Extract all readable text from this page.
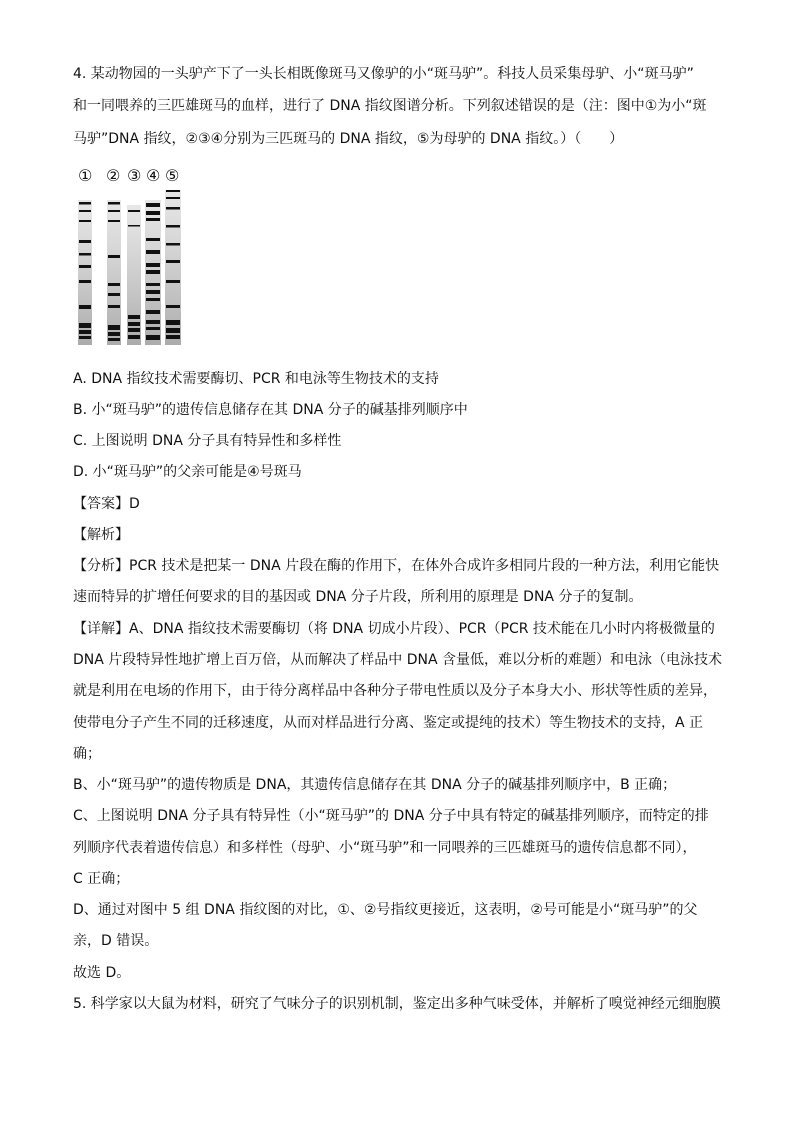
4. 某动物园的一头驴产下了一头长相既像斑马又像驴的小“斑马驴”。科技人员采集母驴、小“斑马驴”
和一同喂养的三匹雄斑马的血样，进行了 DNA 指纹图谱分析。下列叙述错误的是（注：图中①为小“斑
马驴”DNA 指纹，②③④分别为三匹斑马的 DNA 指纹，⑤为母驴的 DNA 指纹。）（　　）
① ② ③ ④ ⑤
A. DNA 指纹技术需要酶切、PCR 和电泳等生物技术的支持
B. 小“斑马驴”的遗传信息储存在其 DNA 分子的碱基排列顺序中
C. 上图说明 DNA 分子具有特异性和多样性
D. 小“斑马驴”的父亲可能是④号斑马
【答案】D
【解析】
【分析】PCR 技术是把某一 DNA 片段在酶的作用下，在体外合成许多相同片段的一种方法，利用它能快
速而特异的扩增任何要求的目的基因或 DNA 分子片段，所利用的原理是 DNA 分子的复制。
【详解】A、DNA 指纹技术需要酶切（将 DNA 切成小片段）、PCR（PCR 技术能在几小时内将极微量的
DNA 片段特异性地扩增上百万倍，从而解决了样品中 DNA 含量低，难以分析的难题）和电泳（电泳技术
就是利用在电场的作用下，由于待分离样品中各种分子带电性质以及分子本身大小、形状等性质的差异，
使带电分子产生不同的迁移速度，从而对样品进行分离、鉴定或提纯的技术）等生物技术的支持，A 正
确；
B、小“斑马驴”的遗传物质是 DNA，其遗传信息储存在其 DNA 分子的碱基排列顺序中，B 正确；
C、上图说明 DNA 分子具有特异性（小“斑马驴”的 DNA 分子中具有特定的碱基排列顺序，而特定的排
列顺序代表着遗传信息）和多样性（母驴、小“斑马驴”和一同喂养的三匹雄斑马的遗传信息都不同），
C 正确；
D、通过对图中 5 组 DNA 指纹图的对比，①、②号指纹更接近，这表明，②号可能是小“斑马驴”的父
亲，D 错误。
故选 D。
5. 科学家以大鼠为材料，研究了气味分子的识别机制，鉴定出多种气味受体，并解析了嗅觉神经元细胞膜
